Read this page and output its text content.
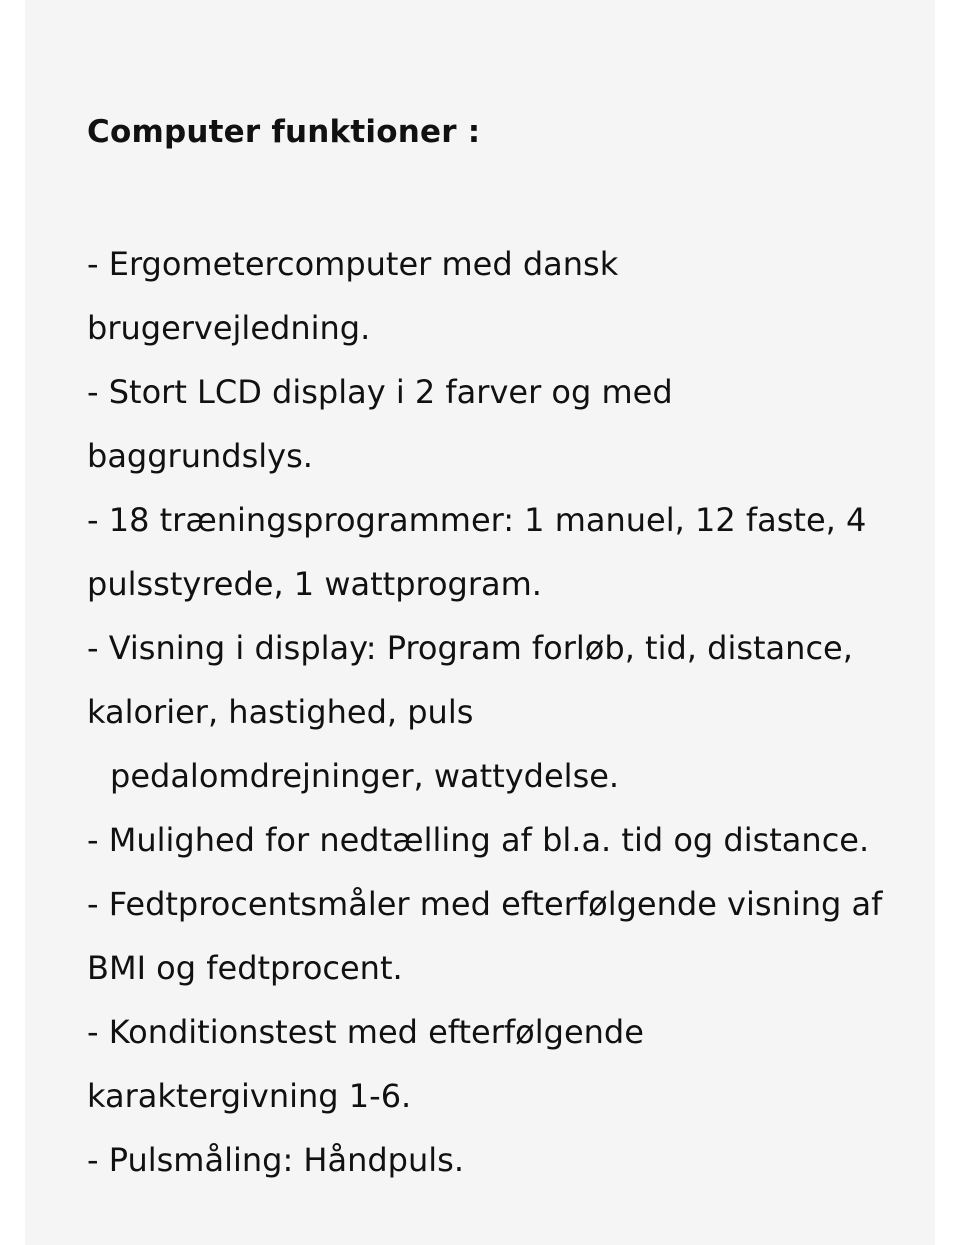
Computer funktioner :

- Ergometercomputer med dansk

brugervejledning.

- Stort LCD display i 2 farver og med

baggrundslys.

- 18 træningsprogrammer: 1 manuel, 12 faste, 4

pulsstyrede, 1 wattprogram.

- Visning i display: Program forløb, tid, distance,

kalorier, hastighed, puls

pedalomdrejninger, wattydelse.

- Mulighed for nedtælling af bl.a. tid og distance.

- Fedtprocentsmåler med efterfølgende visning af

BMI og fedtprocent.

- Konditionstest med efterfølgende

karaktergivning 1-6.

- Pulsmåling: Håndpuls.
